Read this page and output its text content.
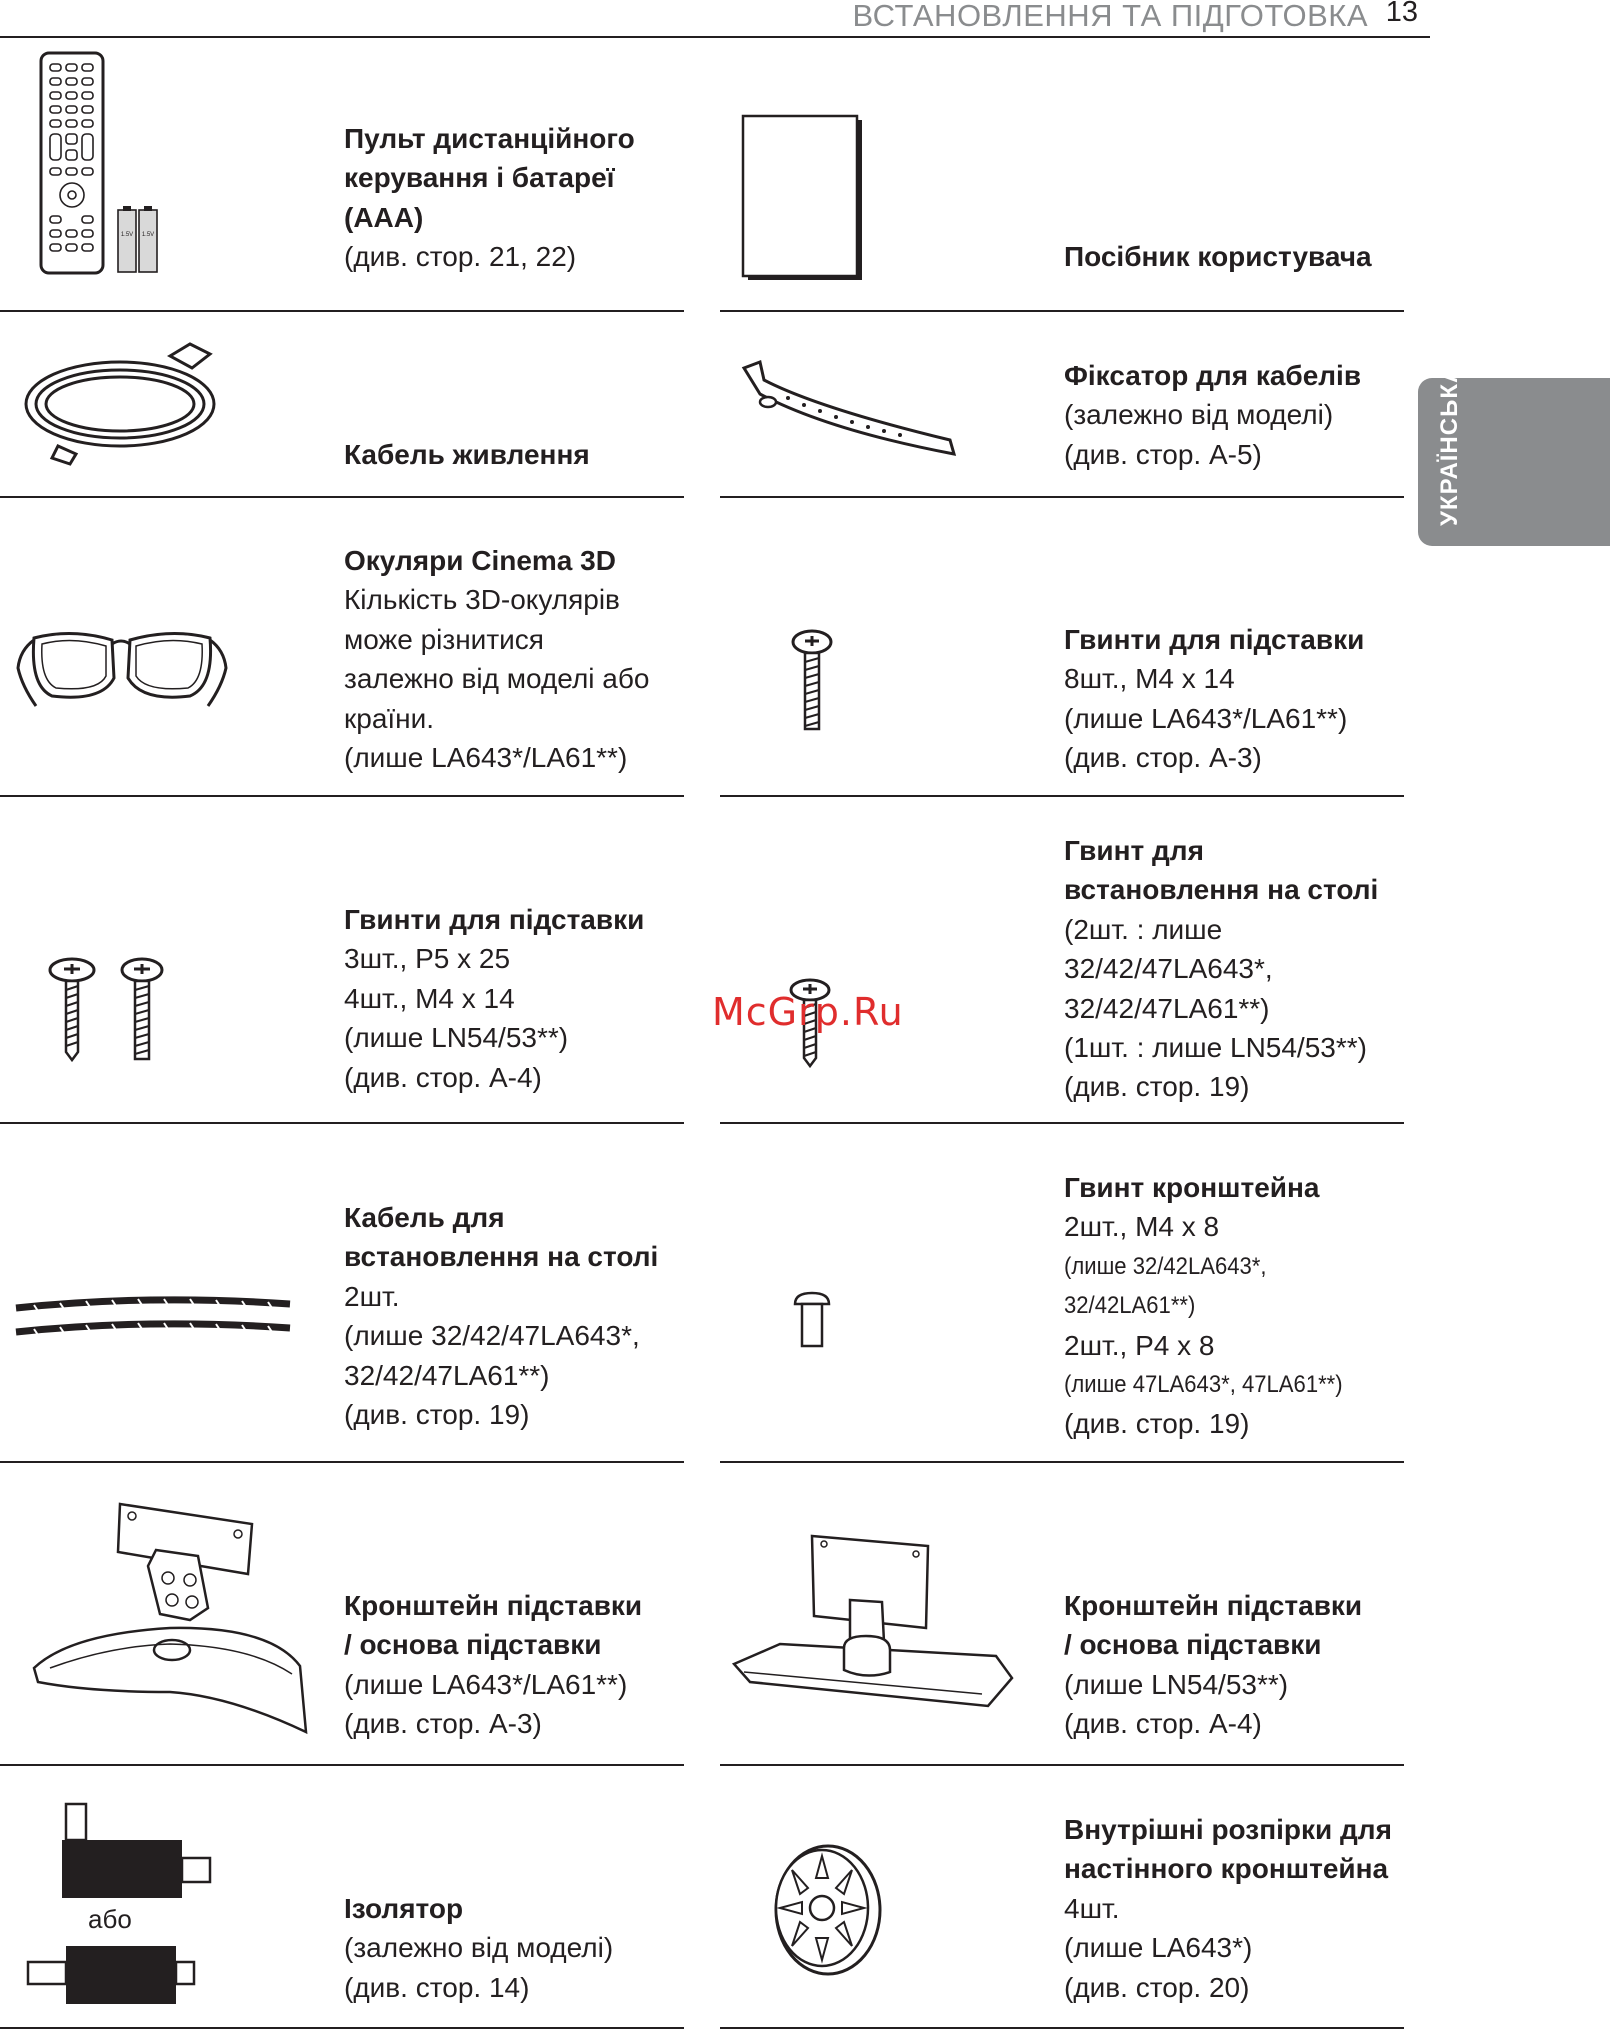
ВСТАНОВЛЕННЯ ТА ПІДГОТОВКА 13
УКРАЇНСЬКА
Пульт дистанційного
керування і батареї
(AAA)
(див. стор. 21, 22)	Посібник користувача
Кабель живлення
Фіксатор для кабелів
(залежно від моделі)
(див. стор. A-5)
Окуляри Cinema 3D
Кількість 3D-окулярів
може різнитися
залежно від моделі або
країни.
(лише LA643*/LA61**)
Гвинти для підставки
8шт., M4 x 14
(лише LA643*/LA61**)
(див. стор. A-3)
Гвинти для підставки
3шт., P5 x 25
4шт., M4 x 14
(лише LN54/53**)
(див. стор. A-4)
Гвинт для
встановлення на столі
(2шт. : лише
32/42/47LA643*,
32/42/47LA61**)
(1шт. : лише LN54/53**)
(див. стор. 19)
Кабель для
встановлення на столі
2шт.
(лише 32/42/47LA643*,
32/42/47LA61**)
(див. стор. 19)
Гвинт кронштейна
2шт., M4 x 8
(лише 32/42LA643*,
32/42LA61**)
2шт., P4 x 8
(лише 47LA643*, 47LA61**)
(див. стор. 19)
Кронштейн підставки
/ основа підставки
(лише LA643*/LA61**)
(див. стор. A-3)
Кронштейн підставки
/ основа підставки
(лише LN54/53**)
(див. стор. A-4)
Ізолятор
(залежно від моделі)
(див. стор. 14)
Внутрішні розпірки для
настінного кронштейна
4шт.
(лише LA643*)
(див. стор. 20)
1.5V 1.5V
або
McGrp.Ru
